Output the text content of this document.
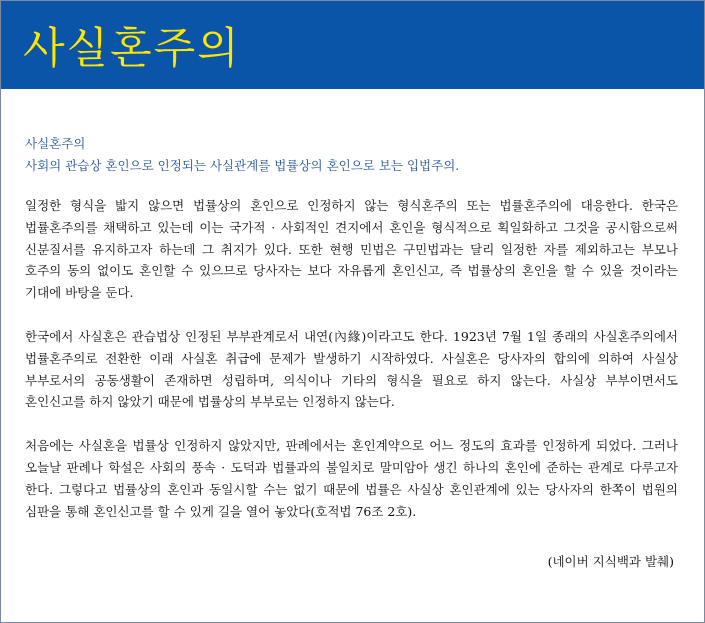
사실혼주의
사실혼주의
사회의 관습상 혼인으로 인정되는 사실관계를 법률상의 혼인으로 보는 입법주의.

일정한 형식을 밟지 않으면 법률상의 혼인으로 인정하지 않는 형식혼주의 또는 법률혼주의에 대응한다. 한국은 법률혼주의를 채택하고 있는데 이는 국가적 · 사회적인 견지에서 혼인을 형식적으로 획일화하고 그것을 공시함으로써 신분질서를 유지하고자 하는데 그 취지가 있다. 또한 현행 민법은 구민법과는 달리 일정한 자를 제외하고는 부모나 호주의 동의 없이도 혼인할 수 있으므로 당사자는 보다 자유롭게 혼인신고, 즉 법률상의 혼인을 할 수 있을 것이라는 기대에 바탕을 둔다.

한국에서 사실혼은 관습법상 인정된 부부관계로서 내연(內緣)이라고도 한다. 1923년 7월 1일 종래의 사실혼주의에서 법률혼주의로 전환한 이래 사실혼 취급에 문제가 발생하기 시작하였다. 사실혼은 당사자의 합의에 의하여 사실상 부부로서의 공동생활이 존재하면 성립하며, 의식이나 기타의 형식을 필요로 하지 않는다. 사실상 부부이면서도 혼인신고를 하지 않았기 때문에 법률상의 부부로는 인정하지 않는다.

처음에는 사실혼을 법률상 인정하지 않았지만, 판례에서는 혼인계약으로 어느 정도의 효과를 인정하게 되었다. 그러나 오늘날 판례나 학설은 사회의 풍속 · 도덕과 법률과의 불일치로 말미암아 생긴 하나의 혼인에 준하는 관계로 다루고자 한다. 그렇다고 법률상의 혼인과 동일시할 수는 없기 때문에 법률은 사실상 혼인관계에 있는 당사자의 한쪽이 법원의 심판을 통해 혼인신고를 할 수 있게 길을 열어 놓았다(호적법 76조 2호).

(네이버 지식백과 발췌)
